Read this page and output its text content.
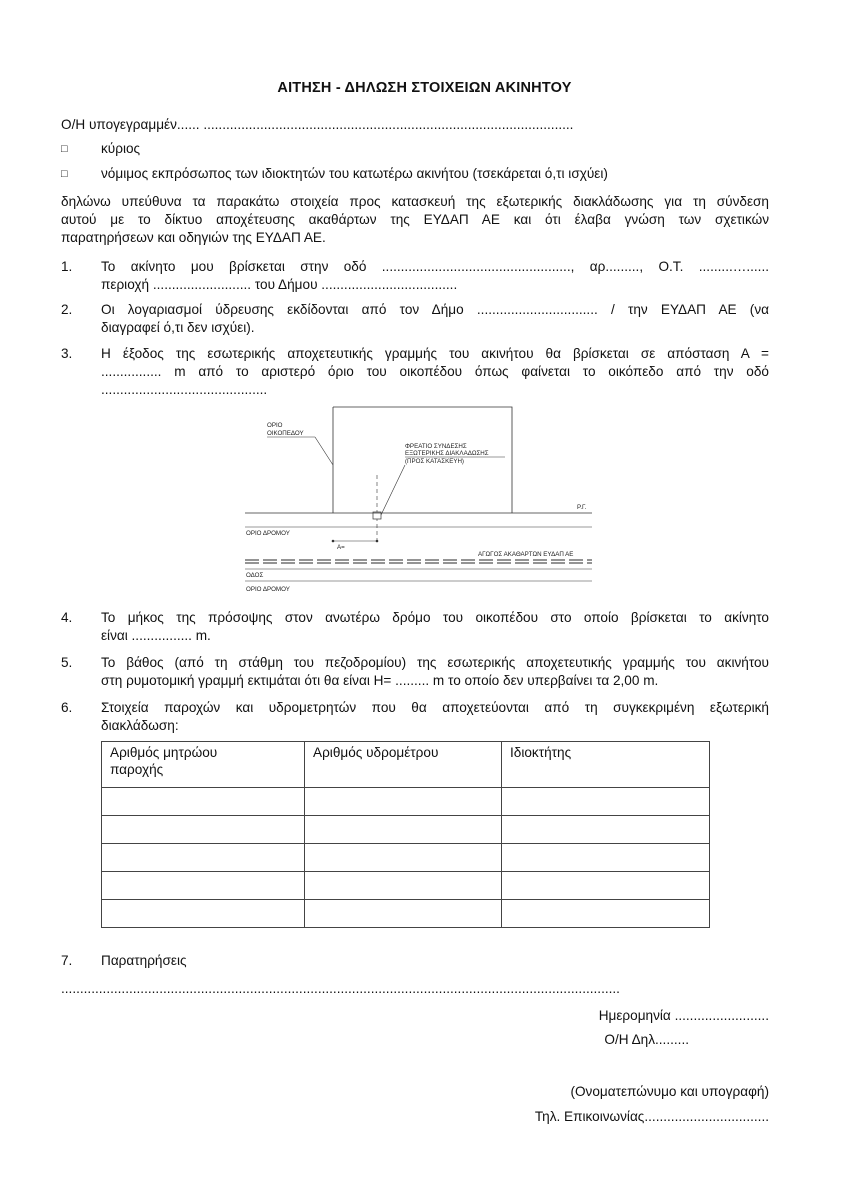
ΑΙΤΗΣΗ - ΔΗΛΩΣΗ ΣΤΟΙΧΕΙΩΝ ΑΚΙΝΗΤΟΥ
Ο/Η υπογεγραμμέν...... ..................................................................................................
□ κύριος
□ νόμιμος εκπρόσωπος των ιδιοκτητών του κατωτέρω ακινήτου (τσεκάρεται ό,τι ισχύει)
δηλώνω υπεύθυνα τα παρακάτω στοιχεία προς κατασκευή της εξωτερικής διακλάδωσης για τη σύνδεση
αυτού με το δίκτυο αποχέτευσης ακαθάρτων της ΕΥΔΑΠ ΑΕ και ότι έλαβα γνώση των σχετικών
παρατηρήσεων και οδηγιών της ΕΥΔΑΠ ΑΕ.
1. Το ακίνητο μου βρίσκεται στην οδό .................................................., αρ........., Ο.Τ. .........…......
περιοχή .......................... του Δήμου ....................................
2. Οι λογαριασμοί ύδρευσης εκδίδονται από τον Δήμο ................................ / την ΕΥΔΑΠ ΑΕ (να
διαγραφεί ό,τι δεν ισχύει).
3. Η έξοδος της εσωτερικής αποχετευτικής γραμμής του ακινήτου θα βρίσκεται σε απόσταση Α =
................ m από το αριστερό όριο του οικοπέδου όπως φαίνεται το οικόπεδο από την οδό
............................................
ΟΡΙΟ
ΟΙΚΟΠΕΔΟΥ
ΦΡΕΑΤΙΟ ΣΥΝΔΕΣΗΣ
ΕΞΩΤΕΡΙΚΗΣ ΔΙΑΚΛΑΔΩΣΗΣ
(ΠΡΟΣ ΚΑΤΑΣΚΕΥΗ)
Ρ.Γ.
ΟΡΙΟ ΔΡΟΜΟΥ
A=
ΑΓΩΓΟΣ ΑΚΑΘΑΡΤΩΝ ΕΥΔΑΠ ΑΕ
ΟΔΟΣ
ΟΡΙΟ ΔΡΟΜΟΥ
4. Το μήκος της πρόσοψης στον ανωτέρω δρόμο του οικοπέδου στο οποίο βρίσκεται το ακίνητο
είναι ................ m.
5. Το βάθος (από τη στάθμη του πεζοδρομίου) της εσωτερικής αποχετευτικής γραμμής του ακινήτου
στη ρυμοτομική γραμμή εκτιμάται ότι θα είναι Η= ......... m το οποίο δεν υπερβαίνει τα 2,00 m.
6. Στοιχεία παροχών και υδρομετρητών που θα αποχετεύονται από τη συγκεκριμένη εξωτερική
διακλάδωση:
Αριθμός μητρώου
παροχής	Αριθμός υδρομέτρου	Ιδιοκτήτης

7. Παρατηρήσεις
....................................................................................................................................................
Ημερομηνία .........................
Ο/Η Δηλ.........
(Ονοματεπώνυμο και υπογραφή)
Τηλ. Επικοινωνίας.................................
